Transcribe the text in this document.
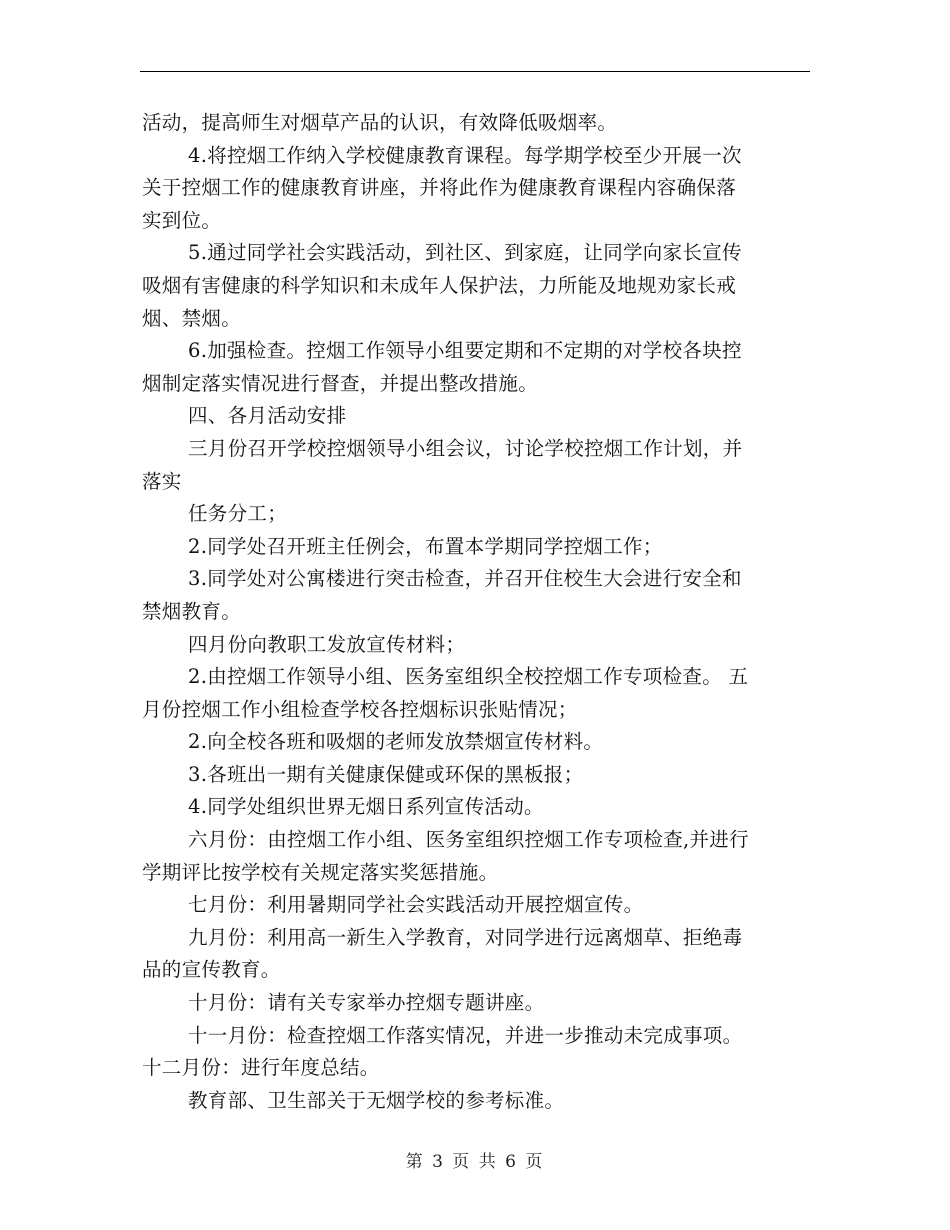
活动，提高师生对烟草产品的认识，有效降低吸烟率。
4.将控烟工作纳入学校健康教育课程。每学期学校至少开展一次
关于控烟工作的健康教育讲座，并将此作为健康教育课程内容确保落
实到位。
5.通过同学社会实践活动，到社区、到家庭，让同学向家长宣传
吸烟有害健康的科学知识和未成年人保护法，力所能及地规劝家长戒
烟、禁烟。
6.加强检查。控烟工作领导小组要定期和不定期的对学校各块控
烟制定落实情况进行督查，并提出整改措施。
四、各月活动安排
三月份召开学校控烟领导小组会议，讨论学校控烟工作计划，并
落实
任务分工；
2.同学处召开班主任例会，布置本学期同学控烟工作；
3.同学处对公寓楼进行突击检查，并召开住校生大会进行安全和
禁烟教育。
四月份向教职工发放宣传材料；
2.由控烟工作领导小组、医务室组织全校控烟工作专项检查。 五
月份控烟工作小组检查学校各控烟标识张贴情况；
2.向全校各班和吸烟的老师发放禁烟宣传材料。
3.各班出一期有关健康保健或环保的黑板报；
4.同学处组织世界无烟日系列宣传活动。
六月份：由控烟工作小组、医务室组织控烟工作专项检查,并进行
学期评比按学校有关规定落实奖惩措施。
七月份：利用暑期同学社会实践活动开展控烟宣传。
九月份：利用高一新生入学教育，对同学进行远离烟草、拒绝毒
品的宣传教育。
十月份：请有关专家举办控烟专题讲座。
十一月份：检查控烟工作落实情况，并进一步推动未完成事项。
十二月份：进行年度总结。
教育部、卫生部关于无烟学校的参考标准。
第 3 页 共 6 页
